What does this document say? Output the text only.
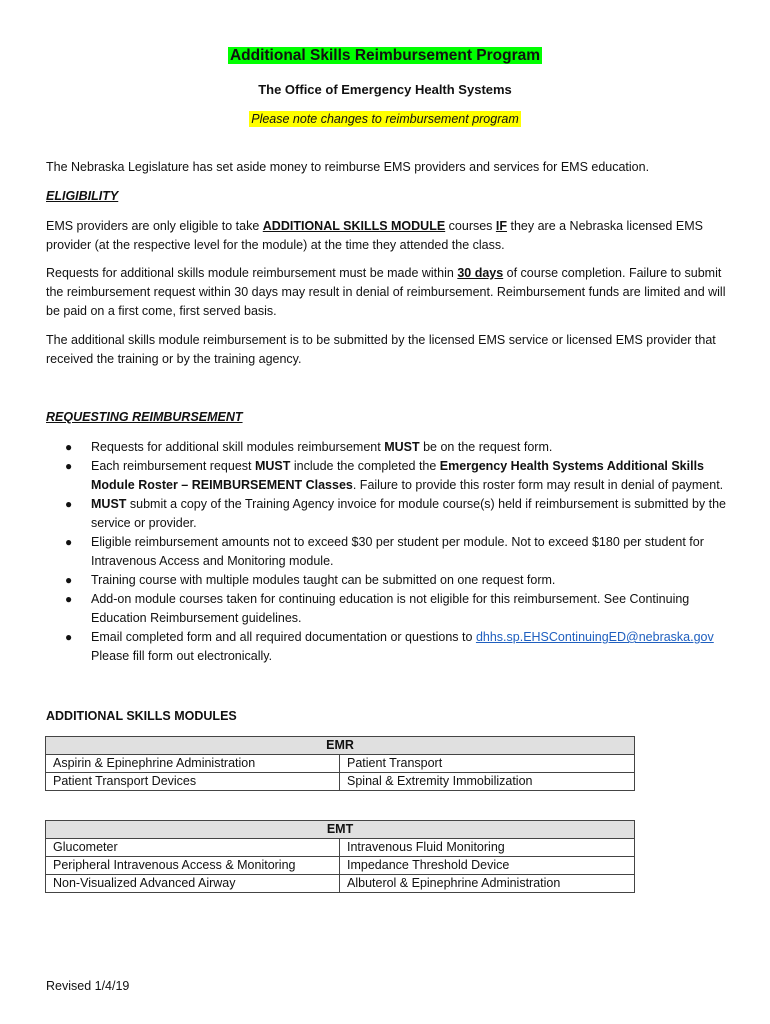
Additional Skills Reimbursement Program
The Office of Emergency Health Systems
Please note changes to reimbursement program
The Nebraska Legislature has set aside money to reimburse EMS providers and services for EMS education.
ELIGIBILITY
EMS providers are only eligible to take ADDITIONAL SKILLS MODULE courses IF they are a Nebraska licensed EMS provider (at the respective level for the module) at the time they attended the class.
Requests for additional skills module reimbursement must be made within 30 days of course completion. Failure to submit the reimbursement request within 30 days may result in denial of reimbursement. Reimbursement funds are limited and will be paid on a first come, first served basis.
The additional skills module reimbursement is to be submitted by the licensed EMS service or licensed EMS provider that received the training or by the training agency.
REQUESTING REIMBURSEMENT
● Requests for additional skill modules reimbursement MUST be on the request form.
● Each reimbursement request MUST include the completed the Emergency Health Systems Additional Skills Module Roster – REIMBURSEMENT Classes. Failure to provide this roster form may result in denial of payment.
● MUST submit a copy of the Training Agency invoice for module course(s) held if reimbursement is submitted by the service or provider.
● Eligible reimbursement amounts not to exceed $30 per student per module. Not to exceed $180 per student for Intravenous Access and Monitoring module.
● Training course with multiple modules taught can be submitted on one request form.
● Add-on module courses taken for continuing education is not eligible for this reimbursement. See Continuing Education Reimbursement guidelines.
● Email completed form and all required documentation or questions to dhhs.sp.EHSContinuingED@nebraska.gov
Please fill form out electronically.
ADDITIONAL SKILLS MODULES
EMR	
Aspirin & Epinephrine Administration	Patient Transport
Patient Transport Devices	Spinal & Extremity Immobilization
EMT	
Glucometer	Intravenous Fluid Monitoring
Peripheral Intravenous Access & Monitoring	Impedance Threshold Device
Non-Visualized Advanced Airway	Albuterol & Epinephrine Administration
Revised 1/4/19
